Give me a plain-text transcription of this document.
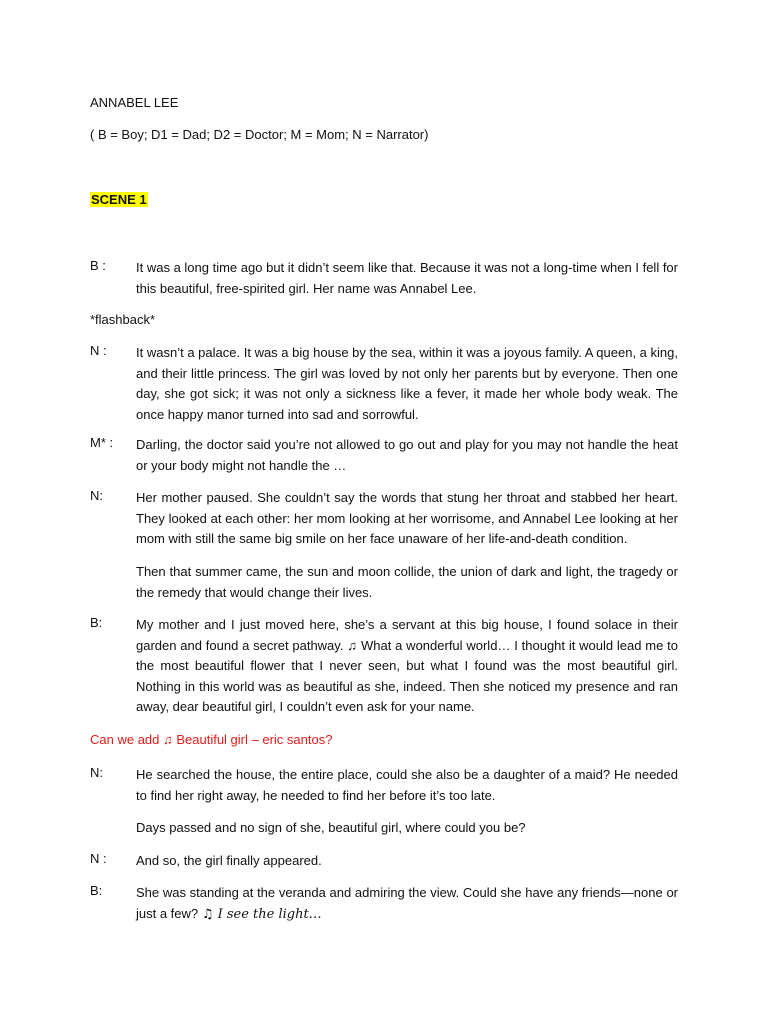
ANNABEL LEE
( B = Boy; D1 = Dad; D2 = Doctor; M = Mom; N = Narrator)
SCENE 1
B : It was a long time ago but it didn’t seem like that. Because it was not a long-time when I fell for this beautiful, free-spirited girl. Her name was Annabel Lee.
*flashback*
N : It wasn’t a palace. It was a big house by the sea, within it was a joyous family. A queen, a king, and their little princess. The girl was loved by not only her parents but by everyone. Then one day, she got sick; it was not only a sickness like a fever, it made her whole body weak. The once happy manor turned into sad and sorrowful.
M* : Darling, the doctor said you’re not allowed to go out and play for you may not handle the heat or your body might not handle the …
N:	Her mother paused. She couldn’t say the words that stung her throat and stabbed her heart. They looked at each other: her mom looking at her worrisome, and Annabel Lee looking at her mom with still the same big smile on her face unaware of her life-and-death condition.
Then that summer came, the sun and moon collide, the union of dark and light, the tragedy or the remedy that would change their lives.
B:	My mother and I just moved here, she’s a servant at this big house, I found solace in their garden and found a secret pathway. ♫ What a wonderful world… I thought it would lead me to the most beautiful flower that I never seen, but what I found was the most beautiful girl. Nothing in this world was as beautiful as she, indeed. Then she noticed my presence and ran away, dear beautiful girl, I couldn’t even ask for your name.
Can we add ♫ Beautiful girl – eric santos?
N:	He searched the house, the entire place, could she also be a daughter of a maid? He needed to find her right away, he needed to find her before it’s too late.
Days passed and no sign of she, beautiful girl, where could you be?
N : And so, the girl finally appeared.
B:	She was standing at the veranda and admiring the view. Could she have any friends—none or just a few? ♫ I see the light…
